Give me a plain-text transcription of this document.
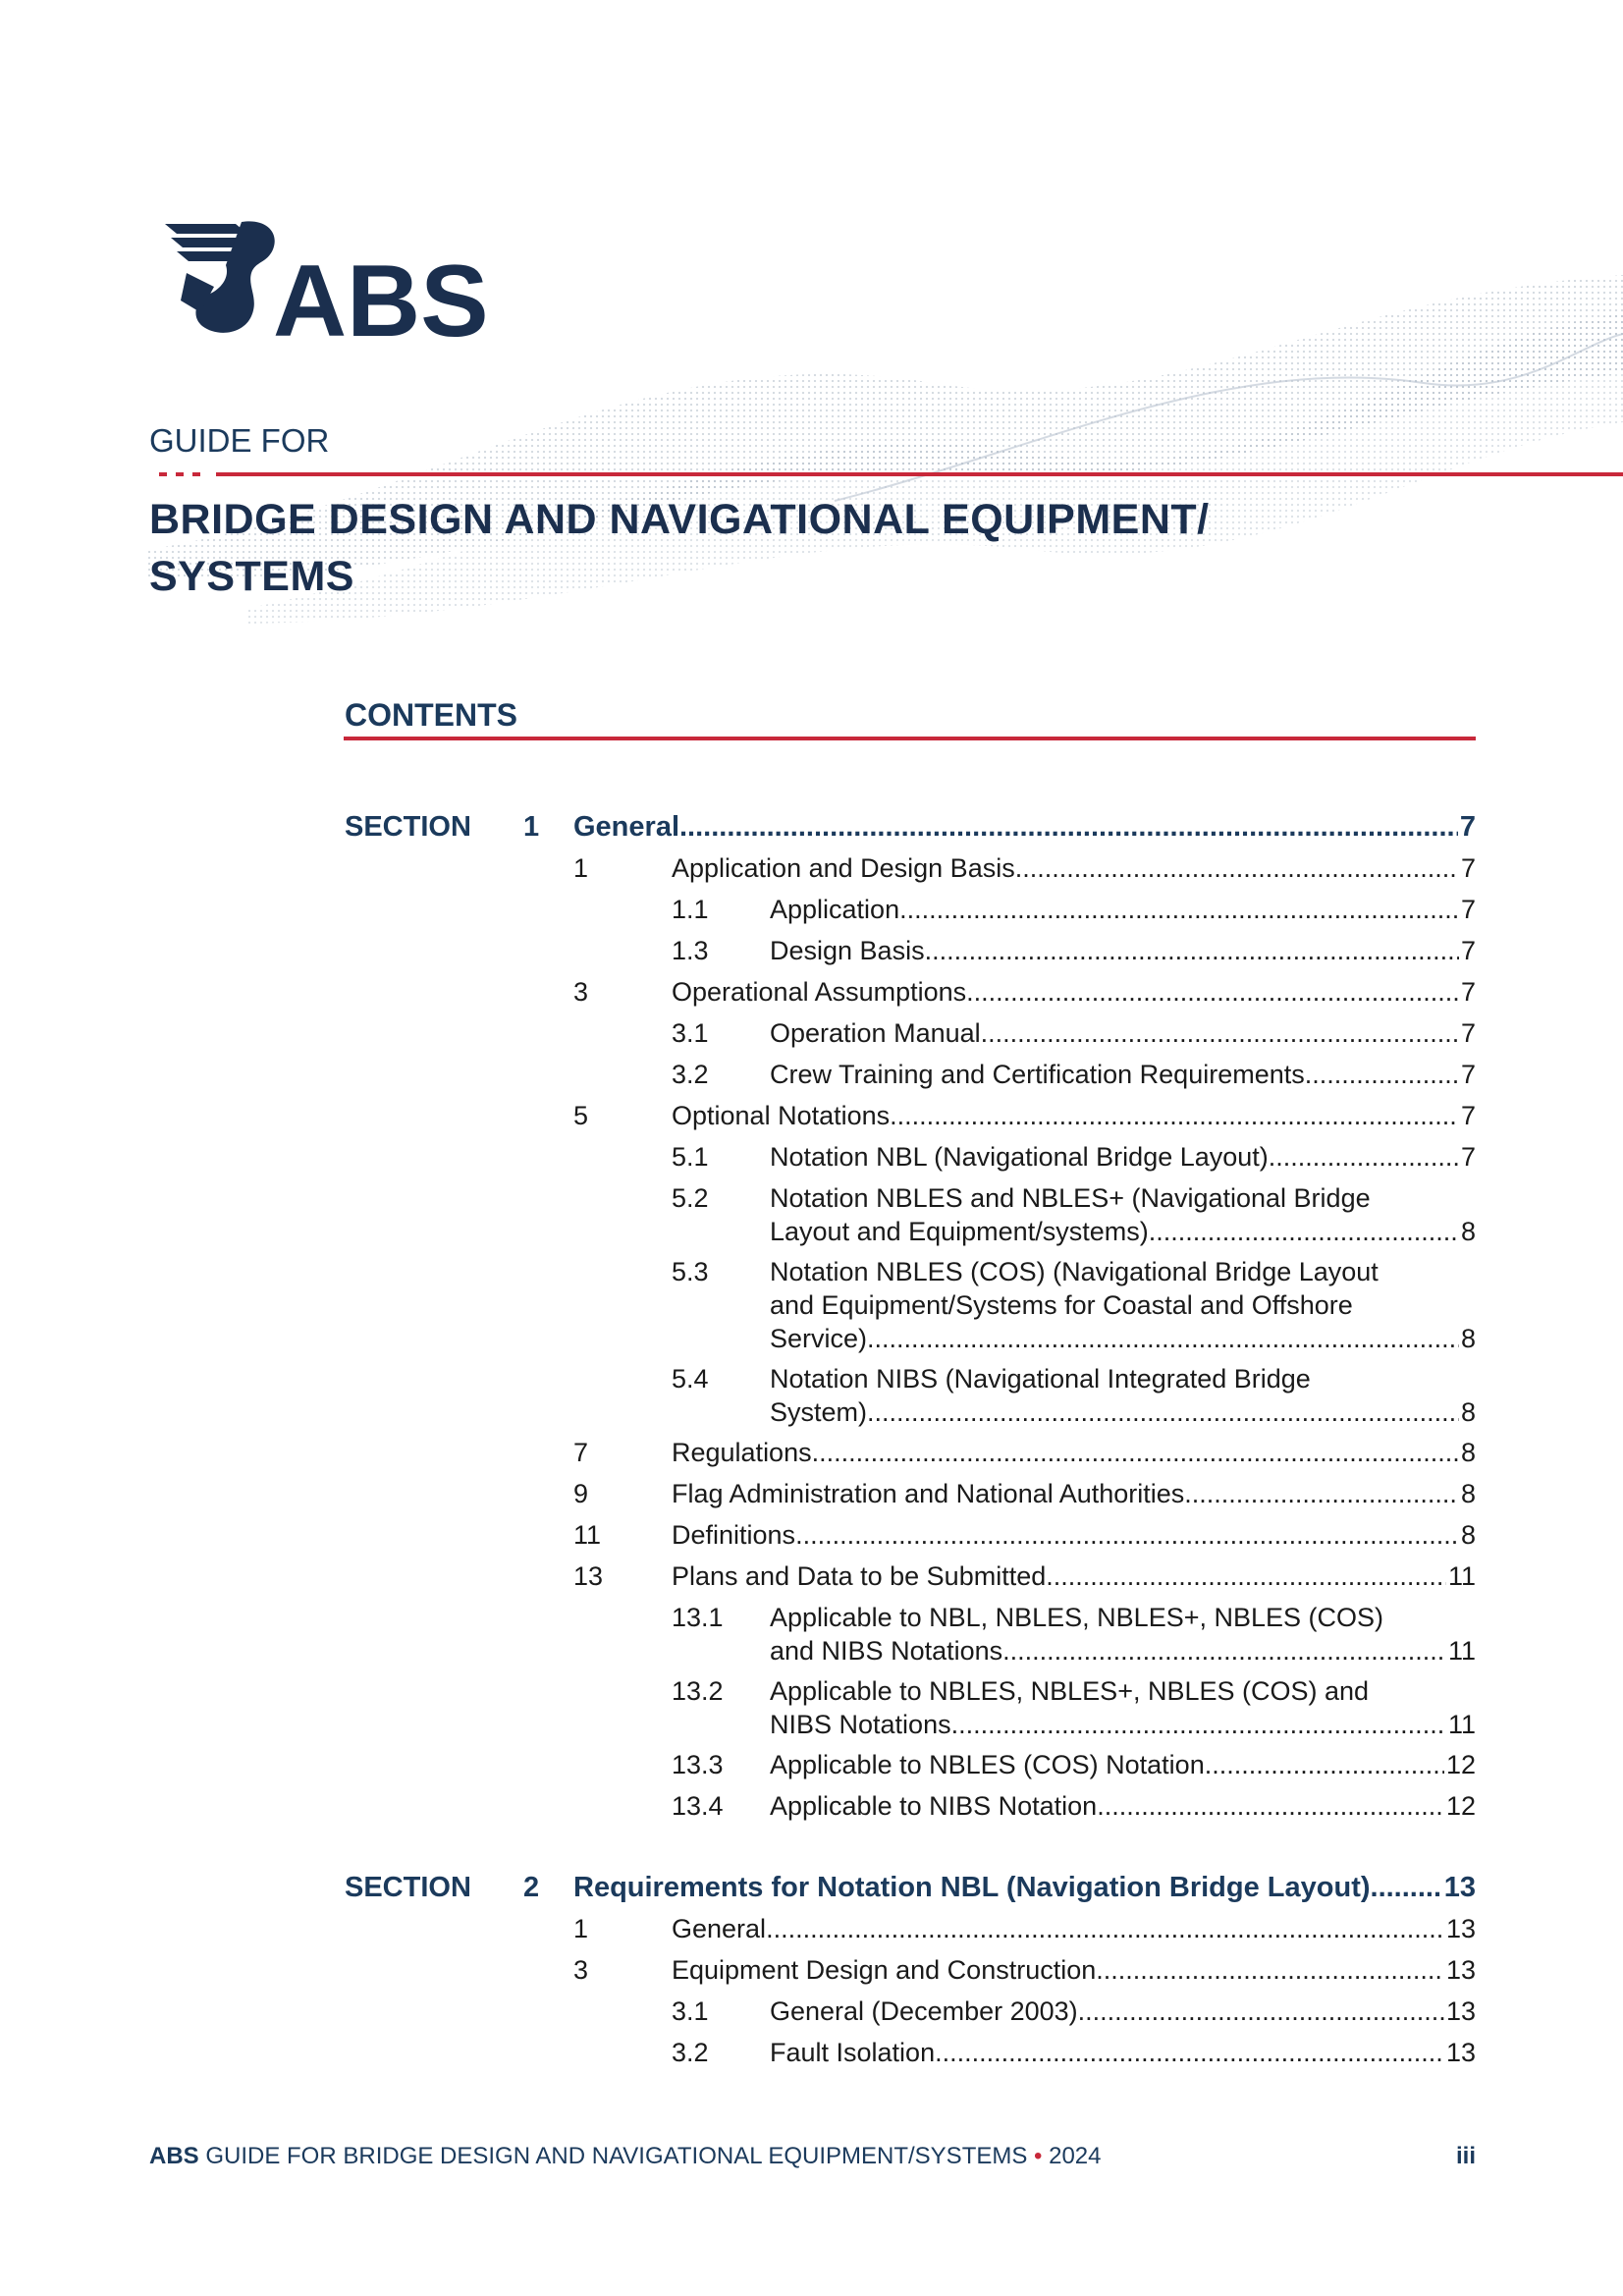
ABS
GUIDE FOR
BRIDGE DESIGN AND NAVIGATIONAL EQUIPMENT/
SYSTEMS
CONTENTS
SECTION 1 General .....	7
1	Application and Design Basis .....	7
1.1 Application .....	7
1.3 Design Basis .....	7
3	Operational Assumptions .....	7
3.1 Operation Manual .....	7
3.2 Crew Training and Certification Requirements .....	7
5	Optional Notations .....	7
5.1 Notation NBL (Navigational Bridge Layout) .....	7
5.2 Notation NBLES and NBLES+ (Navigational Bridge
Layout and Equipment/systems) .....	8
5.3 Notation NBLES (COS) (Navigational Bridge Layout
and Equipment/Systems for Coastal and Offshore
Service) .....	8
5.4 Notation NIBS (Navigational Integrated Bridge
System) .....	8
7	Regulations .....	8
9	Flag Administration and National Authorities .....	8
11	Definitions .....	8
13	Plans and Data to be Submitted .....	11
13.1 Applicable to NBL, NBLES, NBLES+, NBLES (COS)
and NIBS Notations .....	11
13.2 Applicable to NBLES, NBLES+, NBLES (COS) and
NIBS Notations .....	11
13.3 Applicable to NBLES (COS) Notation .....	12
13.4 Applicable to NIBS Notation .....	12
SECTION 2 Requirements for Notation NBL (Navigation Bridge Layout) .....	13
1	General .....	13
3	Equipment Design and Construction .....	13
3.1 General (December 2003) .....	13
3.2 Fault Isolation .....	13
ABS GUIDE FOR BRIDGE DESIGN AND NAVIGATIONAL EQUIPMENT/SYSTEMS • 2024	iii
